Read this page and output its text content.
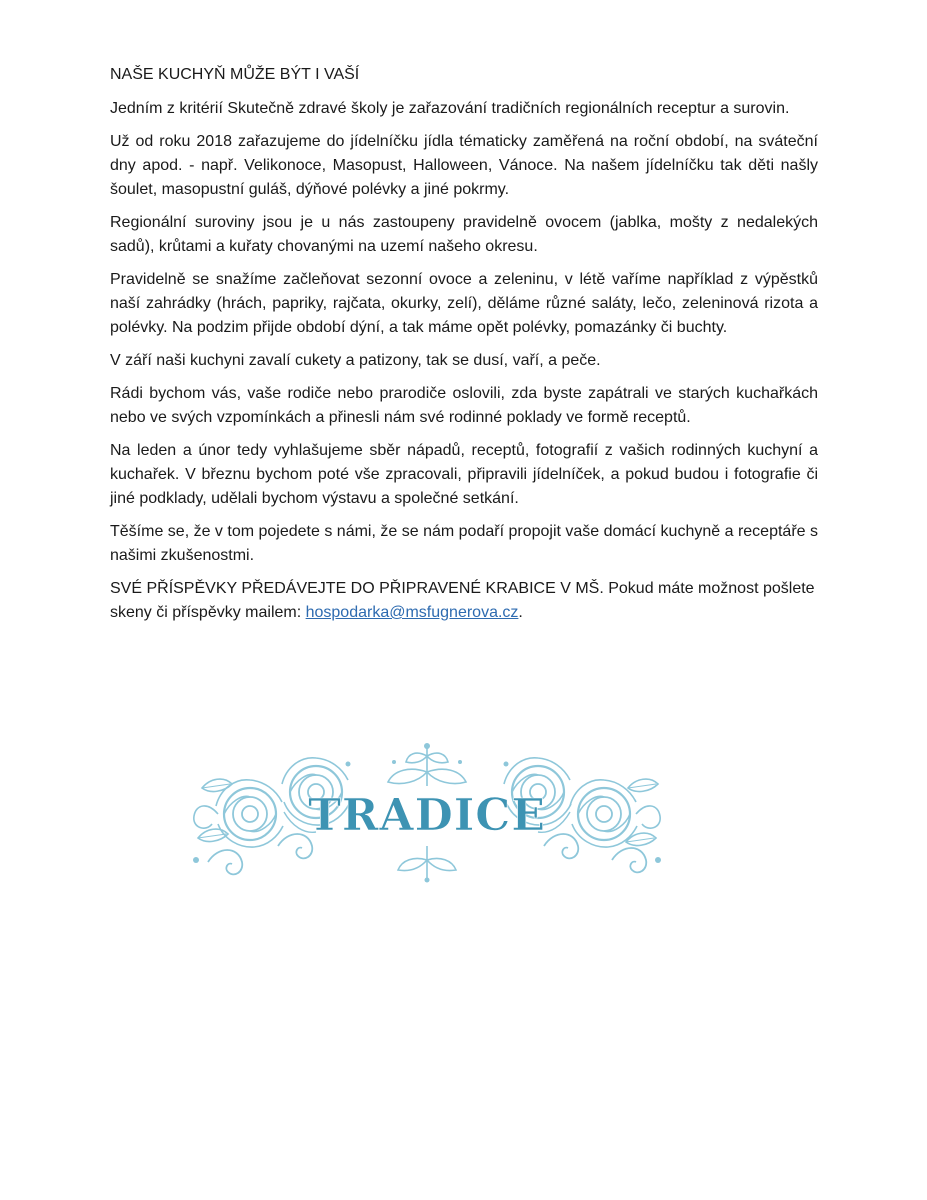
NAŠE KUCHYŇ MŮŽE BÝT I VAŠÍ

Jedním z kritérií Skutečně zdravé školy je zařazování tradičních regionálních receptur a surovin.

Už od roku 2018 zařazujeme do jídelníčku jídla tématicky zaměřená na roční období, na sváteční dny apod. - např. Velikonoce, Masopust, Halloween, Vánoce. Na našem jídelníčku tak děti našly šoulet, masopustní guláš, dýňové polévky a jiné pokrmy.

Regionální suroviny jsou je u nás zastoupeny pravidelně ovocem (jablka, mošty z nedalekých sadů), krůtami a kuřaty chovanými na uzemí našeho okresu.

Pravidelně se snažíme začleňovat sezonní ovoce a zeleninu, v létě vaříme například z výpěstků naší zahrádky (hrách, papriky, rajčata, okurky, zelí), děláme různé saláty, lečo, zeleninová rizota a polévky. Na podzim přijde období dýní, a tak máme opět polévky, pomazánky či buchty.

V září naši kuchyni zavalí cukety a patizony, tak se dusí, vaří, a peče.

Rádi bychom vás, vaše rodiče nebo prarodiče oslovili, zda byste zapátrali ve starých kuchařkách nebo ve svých vzpomínkách a přinesli nám své rodinné poklady ve formě receptů.

Na leden a únor tedy vyhlašujeme sběr nápadů, receptů, fotografií z vašich rodinných kuchyní a kuchařek. V březnu bychom poté vše zpracovali, připravili jídelníček, a pokud budou i fotografie či jiné podklady, udělali bychom výstavu a společné setkání.

Těšíme se, že v tom pojedete s námi, že se nám podaří propojit vaše domácí kuchyně a receptáře s našimi zkušenostmi.

SVÉ PŘÍSPĚVKY PŘEDÁVEJTE DO PŘIPRAVENÉ KRABICE V MŠ. Pokud máte možnost pošlete skeny či příspěvky mailem: hospodarka@msfugnerova.cz.

TRADICE
